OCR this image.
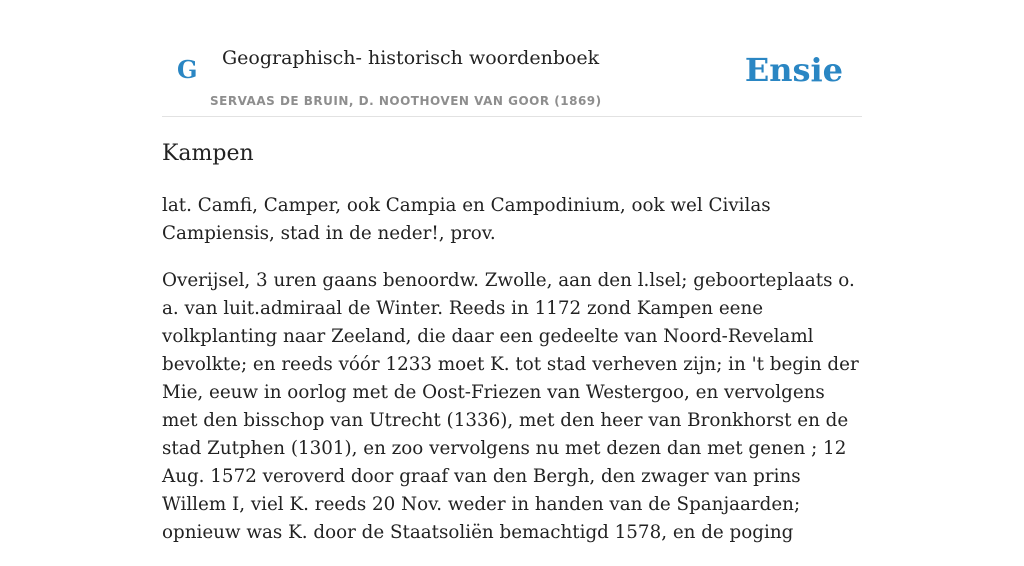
G Geographisch- historisch woordenboek
SERVAAS DE BRUIN, D. NOOTHOVEN VAN GOOR (1869)
Ensie
Kampen

lat. Camfi, Camper, ook Campia en Campodinium, ook wel Civilas Campiensis, stad in de neder!, prov.

Overijsel, 3 uren gaans benoordw. Zwolle, aan den l.lsel; geboorteplaats o. a. van luit.admiraal de Winter. Reeds in 1172 zond Kampen eene volkplanting naar Zeeland, die daar een gedeelte van Noord-Revelaml bevolkte; en reeds vóór 1233 moet K. tot stad verheven zijn; in 't begin der Mie, eeuw in oorlog met de Oost-Friezen van Westergoo, en vervolgens met den bisschop van Utrecht (1336), met den heer van Bronkhorst en de stad Zutphen (1301), en zoo vervolgens nu met dezen dan met genen ; 12 Aug. 1572 veroverd door graaf van den Bergh, den zwager van prins Willem I, viel K. reeds 20 Nov. weder in handen van de Spanjaarden; opnieuw was K. door de Staatsoliën bemachtigd 1578, en de poging
